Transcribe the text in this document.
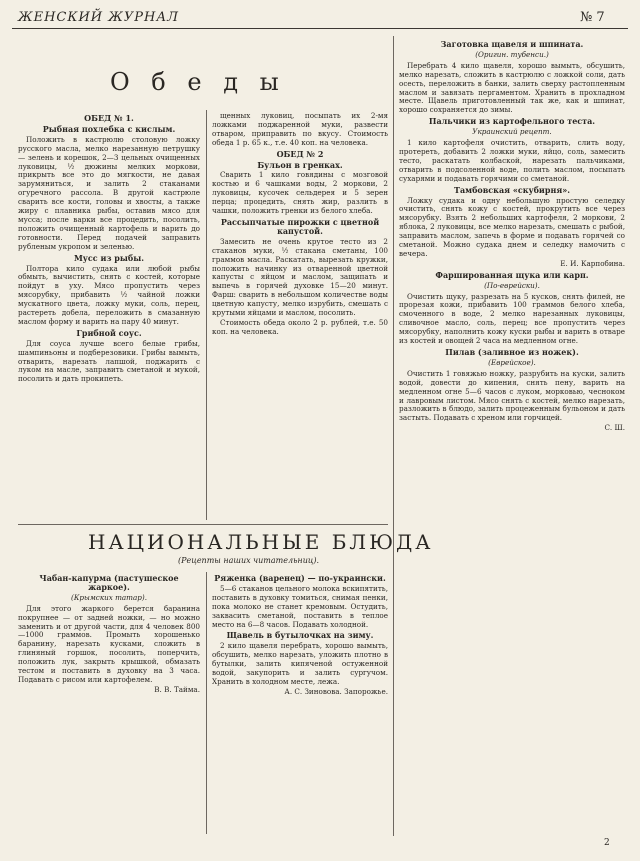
ЖЕНСКИЙ ЖУРНАЛ	№ 7
О б е д ы
ОБЕД № 1.
Рыбная похлебка с кислым.

Положить в кастрюлю столовую ложку русского масла, мелко нарезанную петрушку — зелень и корешок, 2—3 цельных очищенных луковицы, ½ дюжины мелких моркови, прикрыть все это до мягкости, не давая зарумяниться, и залить 2 стаканами огуречного рассола. В другой кастрюле сварить все кости, головы и хвосты, а также жиру с плавника рыбы, оставив мясо для мусса; после варки все процедить, посолить, положить очищенный картофель и варить до готовности. Перед подачей заправить рубленым укропом и зеленью.

Мусс из рыбы.

Полтора кило судака или любой рыбы обмыть, вычистить, снять с костей, которые пойдут в уху. Мясо пропустить через мясорубку, прибавить ½ чайной ложки мускатного цвета, ложку муки, соль, перец, растереть добела, переложить в смазанную маслом форму и варить на пару 40 минут.

Грибной соус.

Для соуса лучше всего белые грибы, шампиньоны и подберезовики. Грибы вымыть, отварить, нарезать лапшой, поджарить с луком на масле, заправить сметаной и мукой, посолить и дать прокипеть.

щенных луковиц, посыпать их 2-мя ложками поджаренной муки, развести отваром, приправить по вкусу. Стоимость обеда 1 р. 65 к., т.е. 40 коп. на человека.

ОБЕД № 2
Бульон в гренках.

Сварить 1 кило говядины с мозговой костью и 6 чашками воды, 2 моркови, 2 луковицы, кусочек сельдерея и 5 зерен перца; процедить, снять жир, разлить в чашки, положить гренки из белого хлеба.

Рассыпчатые пирожки с цветной капустой.

Замесить не очень крутое тесто из 2 стаканов муки, ½ стакана сметаны, 100 граммов масла. Раскатать, вырезать кружки, положить начинку из отваренной цветной капусты с яйцом и маслом, защипать и выпечь в горячей духовке 15—20 минут. Фарш: сварить в небольшом количестве воды цветную капусту, мелко изрубить, смешать с крутыми яйцами и маслом, посолить.

Стоимость обеда около 2 р. рублей, т.е. 50 коп. на человека.

Заготовка щавеля и шпината.
(Оригин. тубенси.)

Перебрать 4 кило щавеля, хорошо вымыть, обсушить, мелко нарезать, сложить в кастрюлю с ложкой соли, дать осесть, переложить в банки, залить сверху растопленным маслом и завязать пергаментом. Хранить в прохладном месте. Щавель приготовленный так же, как и шпинат, хорошо сохраняется до зимы.

Пальчики из картофельного теста.
Украинский рецепт.

1 кило картофеля очистить, отварить, слить воду, протереть, добавить 2 ложки муки, яйцо, соль, замесить тесто, раскатать колбаской, нарезать пальчиками, отварить в подсоленной воде, полить маслом, посыпать сухарями и подавать горячими со сметаной.

Тамбовская «скубирня».

Ложку судака и одну небольшую простую селедку очистить, снять кожу с костей, прокрутить все через мясорубку. Взять 2 небольших картофеля, 2 моркови, 2 яблока, 2 луковицы, все мелко нарезать, смешать с рыбой, заправить маслом, запечь в форме и подавать горячей со сметаной. Можно судака днем и селедку намочить с вечера.

Е. И. Карпобина.
Фаршированная щука или карп.
(По-еврейски).

Очистить щуку, разрезать на 5 кусков, снять филей, не прорезая кожи, прибавить 100 граммов белого хлеба, смоченного в воде, 2 мелко нарезанных луковицы, сливочное масло, соль, перец; все пропустить через мясорубку, наполнить кожу куски рыбы и варить в отваре из костей и овощей 2 часа на медленном огне.

Пилав (заливное из ножек).
(Еврейское).

Очистить 1 говяжью ножку, разрубить на куски, залить водой, довести до кипения, снять пену, варить на медленном огне 5—6 часов с луком, морковью, чесноком и лавровым листом. Мясо снять с костей, мелко нарезать, разложить в блюдо, залить процеженным бульоном и дать застыть. Подавать с хреном или горчицей.

С. Ш.
НАЦИОНАЛЬНЫЕ БЛЮДА
(Рецепты наших читательниц).
Чабан-капурма (пастушеское жаркое).
(Крымских татар).

Для этого жаркого берется баранина покрупнее — от задней ножки, — но можно заменить и от другой части, для 4 человек 800—1000 граммов. Промыть хорошенько баранину, нарезать кусками, сложить в глиняный горшок, посолить, поперчить, положить лук, закрыть крышкой, обмазать тестом и поставить в духовку на 3 часа. Подавать с рисом или картофелем.

В. В. Тайма.
Ряженка (варенец) — по-украински.

5—6 стаканов цельного молока вскипятить, поставить в духовку томиться, снимая пенки, пока молоко не станет кремовым. Остудить, заквасить сметаной, поставить в теплое место на 6—8 часов. Подавать холодной.

Щавель в бутылочках на зиму.

2 кило щавеля перебрать, хорошо вымыть, обсушить, мелко нарезать, уложить плотно в бутылки, залить кипяченой остуженной водой, закупорить и залить сургучом. Хранить в холодном месте, лежа.

А. С. Зиновова. Запорожье.
2
